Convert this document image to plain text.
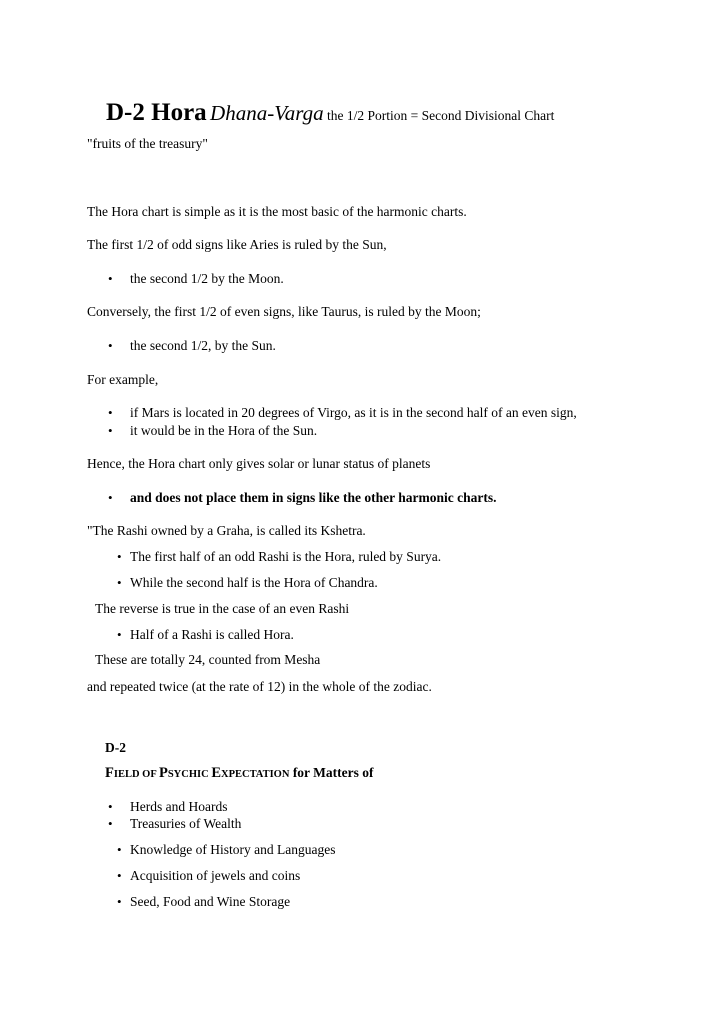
D-2 Hora Dhana-Varga the 1/2 Portion = Second Divisional Chart
"fruits of the treasury"
The Hora chart is simple as it is the most basic of the harmonic charts.
The first 1/2 of odd signs like Aries is ruled by the Sun,
• the second 1/2 by the Moon.
Conversely, the first 1/2 of even signs, like Taurus, is ruled by the Moon;
• the second 1/2, by the Sun.
For example,
• if Mars is located in 20 degrees of Virgo, as it is in the second half of an even sign,
• it would be in the Hora of the Sun.
Hence, the Hora chart only gives solar or lunar status of planets
• and does not place them in signs like the other harmonic charts.
"The Rashi owned by a Graha, is called its Kshetra.
• The first half of an odd Rashi is the Hora, ruled by Surya.
• While the second half is the Hora of Chandra.
The reverse is true in the case of an even Rashi
• Half of a Rashi is called Hora.
These are totally 24, counted from Mesha
and repeated twice (at the rate of 12) in the whole of the zodiac.
D-2
FIELD OF PSYCHIC EXPECTATION for Matters of
• Herds and Hoards
• Treasuries of Wealth
• Knowledge of History and Languages
• Acquisition of jewels and coins
• Seed, Food and Wine Storage
